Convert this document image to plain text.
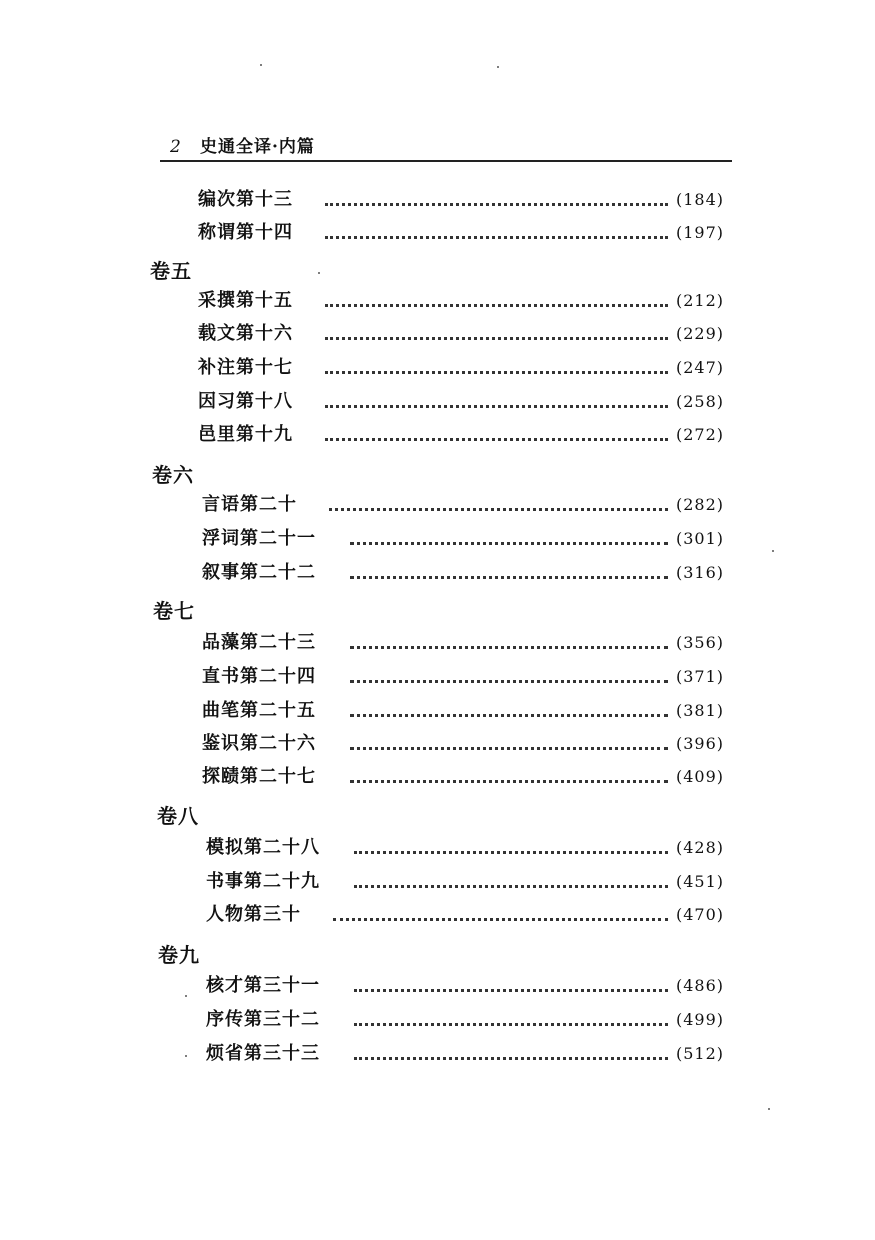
2 史通全译·内篇
编次第十三	(184)
称谓第十四	(197)
卷五
采撰第十五	(212)
载文第十六	(229)
补注第十七	(247)
因习第十八	(258)
邑里第十九	(272)
卷六
言语第二十	(282)
浮词第二十一	(301)
叙事第二十二	(316)
卷七
品藻第二十三	(356)
直书第二十四	(371)
曲笔第二十五	(381)
鉴识第二十六	(396)
探赜第二十七	(409)
卷八
模拟第二十八	(428)
书事第二十九	(451)
人物第三十	(470)
卷九
核才第三十一	(486)
序传第三十二	(499)
烦省第三十三	(512)
